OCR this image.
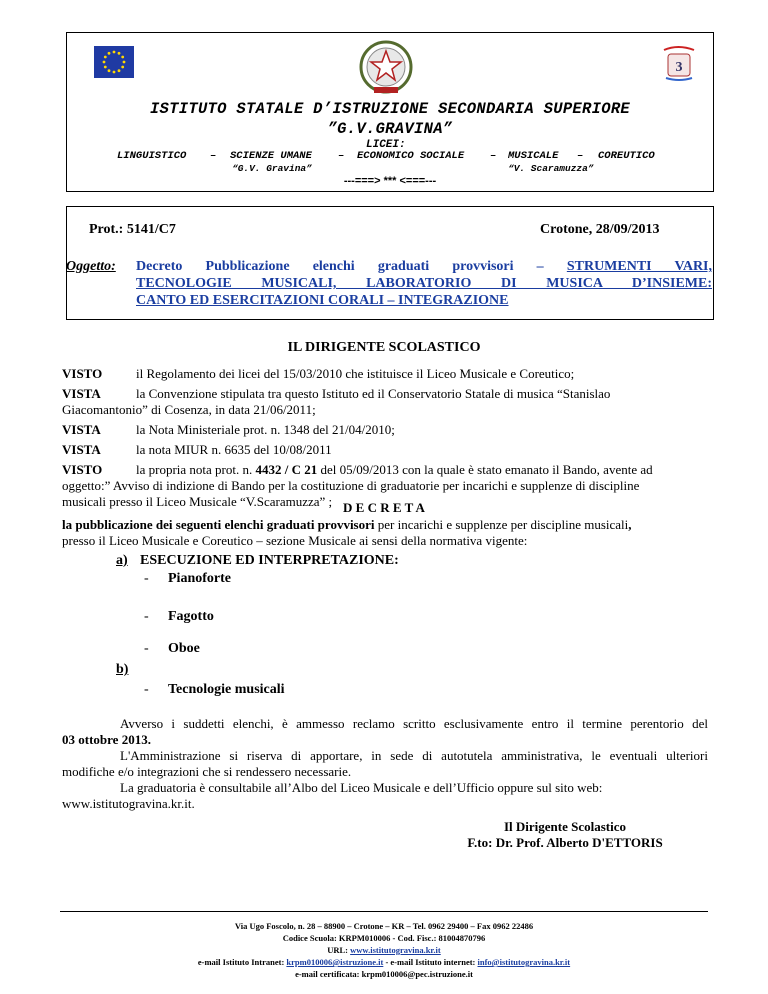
3
ISTITUTO STATALE D’ISTRUZIONE SECONDARIA SUPERIORE
”G.V.GRAVINA”
LICEI:
LINGUISTICO – SCIENZE UMANE – ECONOMICO SOCIALE – MUSICALE – COREUTICO
“G.V. Gravina”	“V. Scaramuzza”
---===> *** <===---
Prot.: 5141/C7	Crotone, 28/09/2013
Oggetto:	Decreto Pubblicazione elenchi graduati provvisori – STRUMENTI VARI,
TECNOLOGIE MUSICALI, LABORATORIO DI MUSICA D’INSIEME:
CANTO ED ESERCITAZIONI CORALI – INTEGRAZIONE
IL DIRIGENTE SCOLASTICO
VISTO	il Regolamento dei licei del 15/03/2010 che istituisce il Liceo Musicale e Coreutico;
VISTA	la Convenzione stipulata tra questo Istituto ed il Conservatorio Statale di musica “Stanislao
Giacomantonio” di Cosenza, in data 21/06/2011;
VISTA	la Nota Ministeriale prot. n. 1348 del 21/04/2010;
VISTA	la nota MIUR n. 6635 del 10/08/2011
VISTO	la propria nota prot. n. 4432 / C 21 del 05/09/2013 con la quale è stato emanato il Bando, avente ad
oggetto:” Avviso di indizione di Bando per la costituzione di graduatorie per incarichi e supplenze di discipline
musicali presso il Liceo Musicale “V.Scaramuzza” ; D E C R E T A
la pubblicazione dei seguenti elenchi graduati provvisori per incarichi e supplenze per discipline musicali,
presso il Liceo Musicale e Coreutico – sezione Musicale ai sensi della normativa vigente:
a) ESECUZIONE ED INTERPRETAZIONE:
- Pianoforte
- Fagotto
- Oboe
b)
- Tecnologie musicali
Avverso i suddetti elenchi, è ammesso reclamo scritto esclusivamente entro il termine perentorio del
03 ottobre 2013.
L'Amministrazione si riserva di apportare, in sede di autotutela amministrativa, le eventuali ulteriori
modifiche e/o integrazioni che si rendessero necessarie.
La graduatoria è consultabile all’Albo del Liceo Musicale e dell’Ufficio oppure sul sito web:
www.istitutogravina.kr.it.
Il Dirigente Scolastico
F.to: Dr. Prof. Alberto D'ETTORIS
Via Ugo Foscolo, n. 28 – 88900 – Crotone – KR – Tel. 0962 29400 – Fax 0962 22486
Codice Scuola: KRPM010006 - Cod. Fisc.: 81004870796
URL: www.istitutogravina.kr.it
e-mail Istituto Intranet: krpm010006@istruzione.it - e-mail Istituto internet: info@istitutogravina.kr.it
e-mail certificata: krpm010006@pec.istruzione.it
